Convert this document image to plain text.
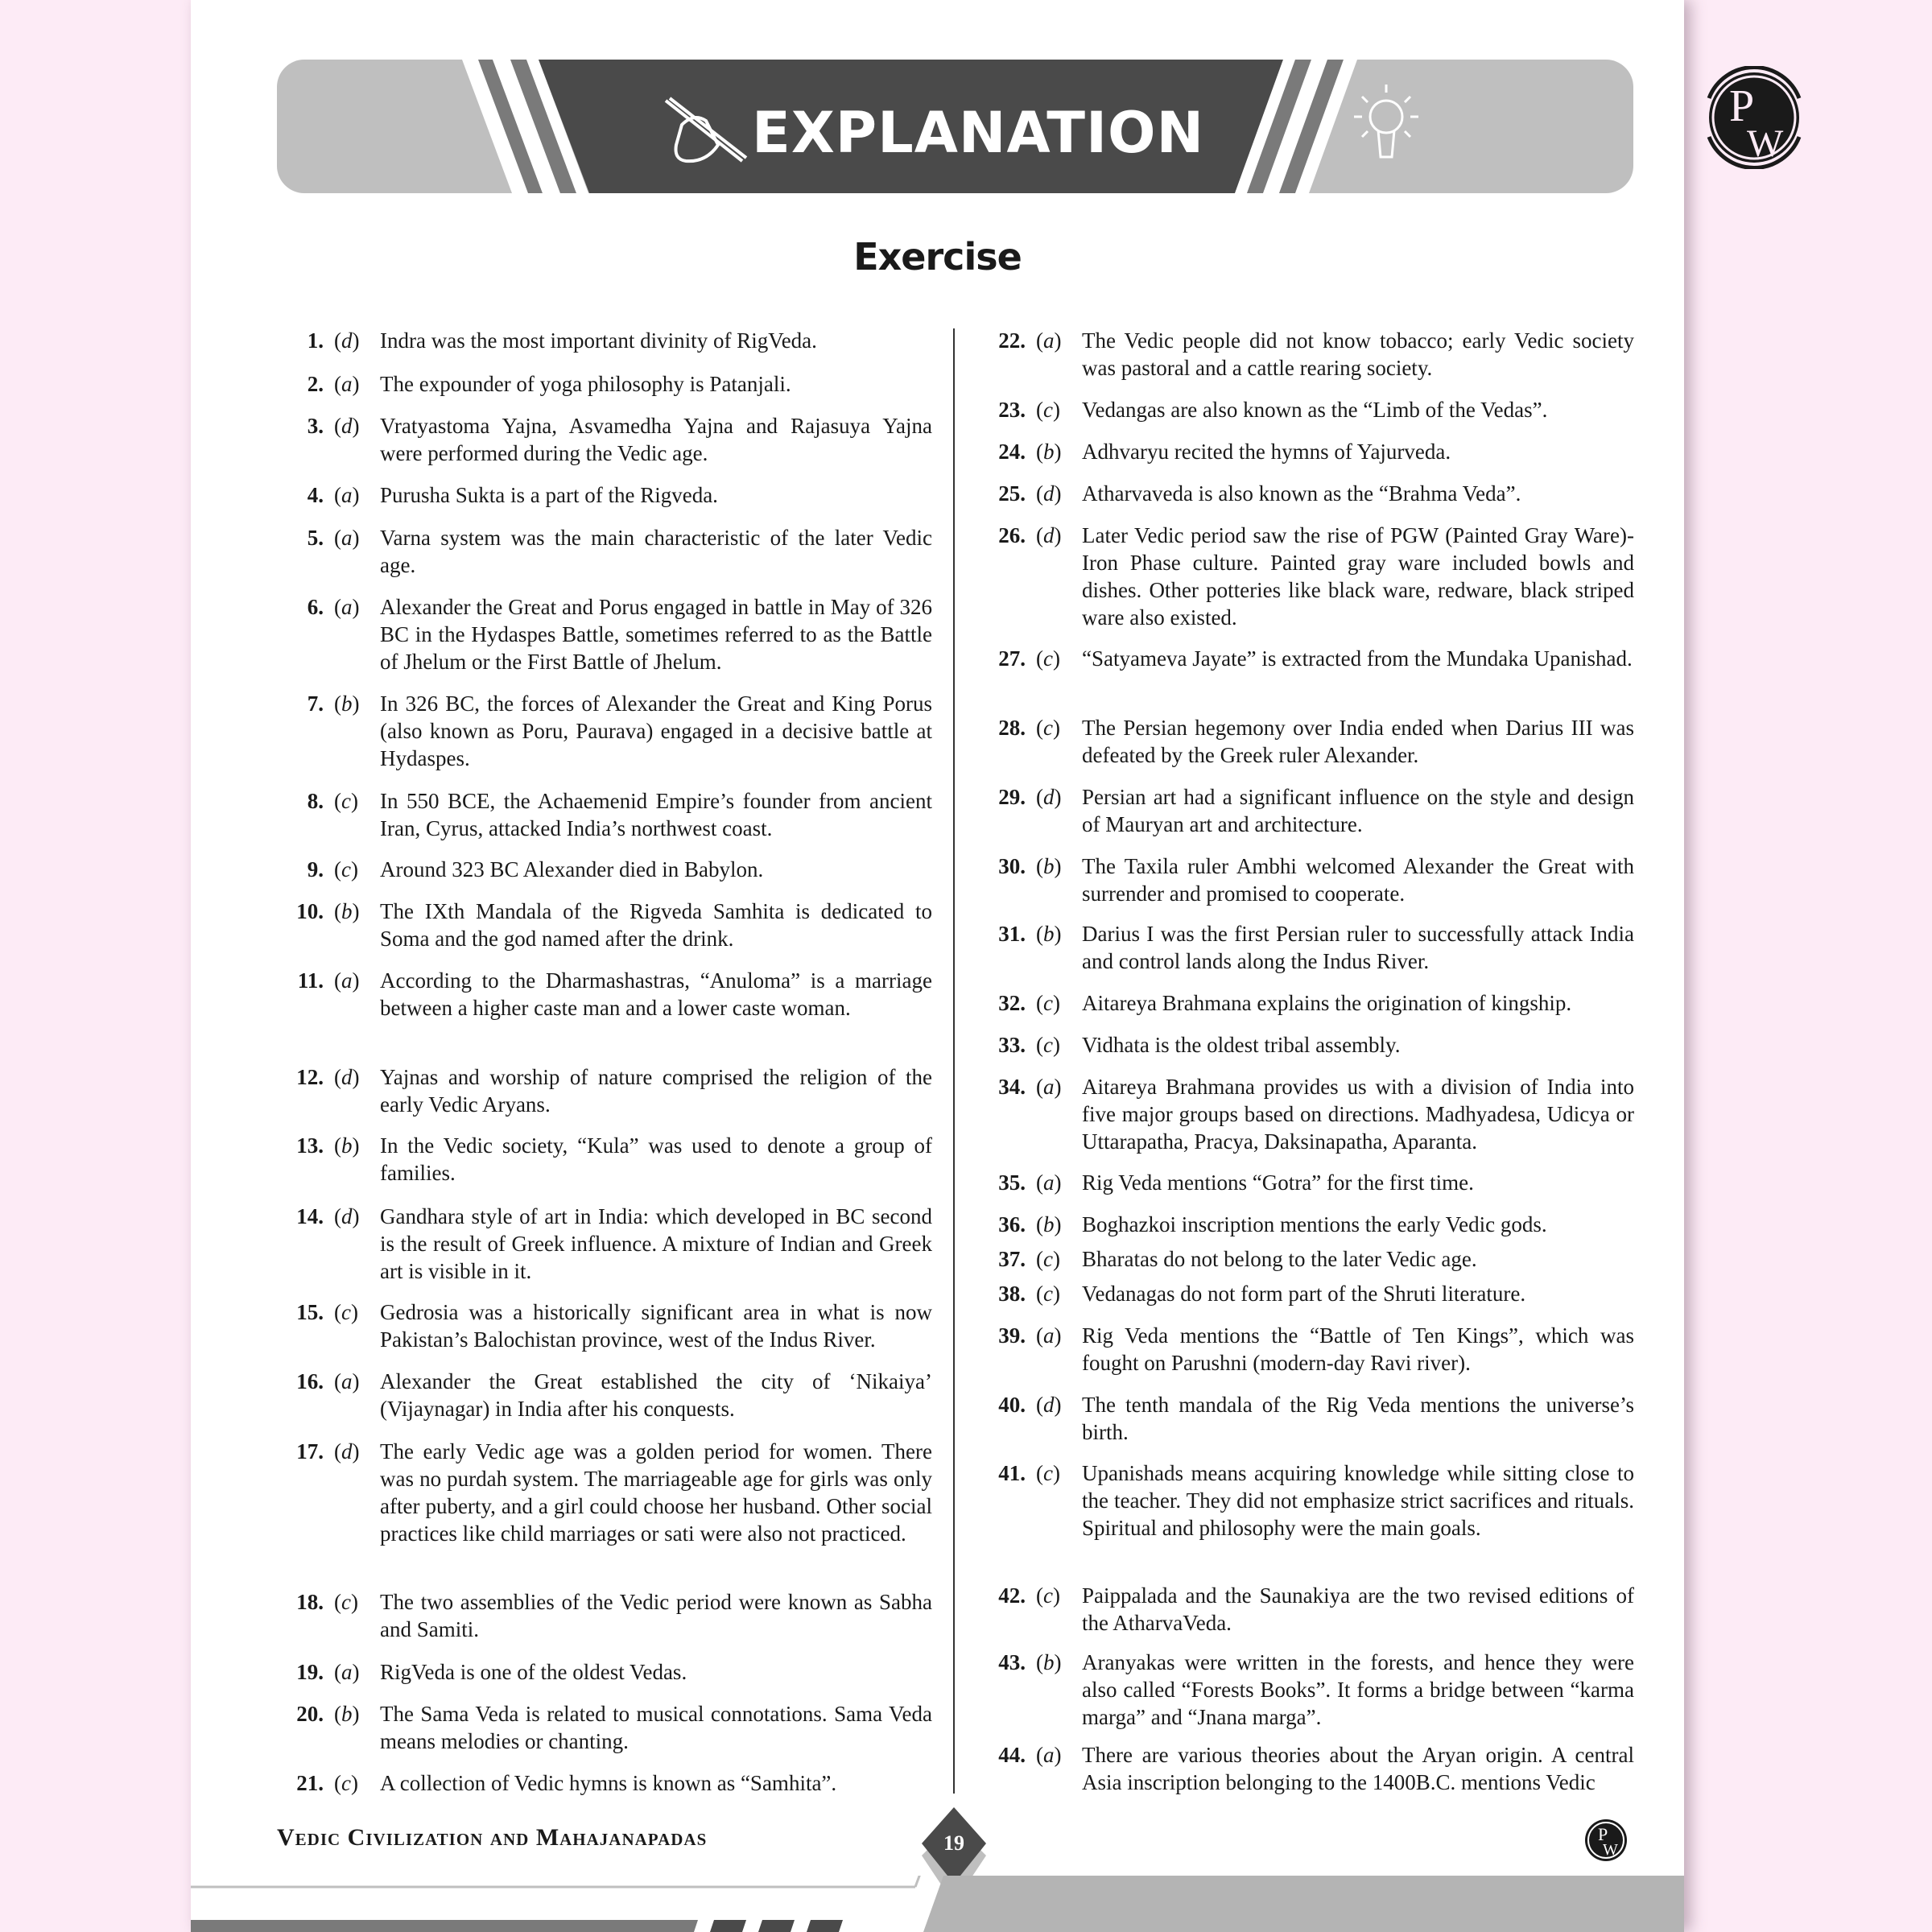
EXPLANATION
Exercise
1. (d) Indra was the most important divinity of RigVeda.
2. (a) The expounder of yoga philosophy is Patanjali.
3. (d) Vratyastoma Yajna, Asvamedha Yajna and Rajasuya Yajna were performed during the Vedic age.
4. (a) Purusha Sukta is a part of the Rigveda.
5. (a) Varna system was the main characteristic of the later Vedic age.
6. (a) Alexander the Great and Porus engaged in battle in May of 326 BC in the Hydaspes Battle, sometimes referred to as the Battle of Jhelum or the First Battle of Jhelum.
7. (b) In 326 BC, the forces of Alexander the Great and King Porus (also known as Poru, Paurava) engaged in a decisive battle at Hydaspes.
8. (c) In 550 BCE, the Achaemenid Empire’s founder from ancient Iran, Cyrus, attacked India’s northwest coast.
9. (c) Around 323 BC Alexander died in Babylon.
10. (b) The IXth Mandala of the Rigveda Samhita is dedicated to Soma and the god named after the drink.
11. (a) According to the Dharmashastras, “Anuloma” is a marriage between a higher caste man and a lower caste woman.
12. (d) Yajnas and worship of nature comprised the religion of the early Vedic Aryans.
13. (b) In the Vedic society, “Kula” was used to denote a group of families.
14. (d) Gandhara style of art in India: which developed in BC second is the result of Greek influence. A mixture of Indian and Greek art is visible in it.
15. (c) Gedrosia was a historically significant area in what is now Pakistan’s Balochistan province, west of the Indus River.
16. (a) Alexander the Great established the city of ‘Nikaiya’ (Vijaynagar) in India after his conquests.
17. (d) The early Vedic age was a golden period for women. There was no purdah system. The marriageable age for girls was only after puberty, and a girl could choose her husband. Other social practices like child marriages or sati were also not practiced.
18. (c) The two assemblies of the Vedic period were known as Sabha and Samiti.
19. (a) RigVeda is one of the oldest Vedas.
20. (b) The Sama Veda is related to musical connotations. Sama Veda means melodies or chanting.
21. (c) A collection of Vedic hymns is known as “Samhita”.
22. (a) The Vedic people did not know tobacco; early Vedic society was pastoral and a cattle rearing society.
23. (c) Vedangas are also known as the “Limb of the Vedas”.
24. (b) Adhvaryu recited the hymns of Yajurveda.
25. (d) Atharvaveda is also known as the “Brahma Veda”.
26. (d) Later Vedic period saw the rise of PGW (Painted Gray Ware)- Iron Phase culture. Painted gray ware included bowls and dishes. Other potteries like black ware, redware, black striped ware also existed.
27. (c) “Satyameva Jayate” is extracted from the Mundaka Upanishad.
28. (c) The Persian hegemony over India ended when Darius III was defeated by the Greek ruler Alexander.
29. (d) Persian art had a significant influence on the style and design of Mauryan art and architecture.
30. (b) The Taxila ruler Ambhi welcomed Alexander the Great with surrender and promised to cooperate.
31. (b) Darius I was the first Persian ruler to successfully attack India and control lands along the Indus River.
32. (c) Aitareya Brahmana explains the origination of kingship.
33. (c) Vidhata is the oldest tribal assembly.
34. (a) Aitareya Brahmana provides us with a division of India into five major groups based on directions. Madhyadesa, Udicya or Uttarapatha, Pracya, Daksinapatha, Aparanta.
35. (a) Rig Veda mentions “Gotra” for the first time.
36. (b) Boghazkoi inscription mentions the early Vedic gods.
37. (c) Bharatas do not belong to the later Vedic age.
38. (c) Vedanagas do not form part of the Shruti literature.
39. (a) Rig Veda mentions the “Battle of Ten Kings”, which was fought on Parushni (modern-day Ravi river).
40. (d) The tenth mandala of the Rig Veda mentions the universe’s birth.
41. (c) Upanishads means acquiring knowledge while sitting close to the teacher. They did not emphasize strict sacrifices and rituals. Spiritual and philosophy were the main goals.
42. (c) Paippalada and the Saunakiya are the two revised editions of the AtharvaVeda.
43. (b) Aranyakas were written in the forests, and hence they were also called “Forests Books”. It forms a bridge between “karma marga” and “Jnana marga”.
44. (a) There are various theories about the Aryan origin. A central Asia inscription belonging to the 1400B.C. mentions Vedic
Vedic Civilization and Mahajanapadas	19	P
W
P
W
